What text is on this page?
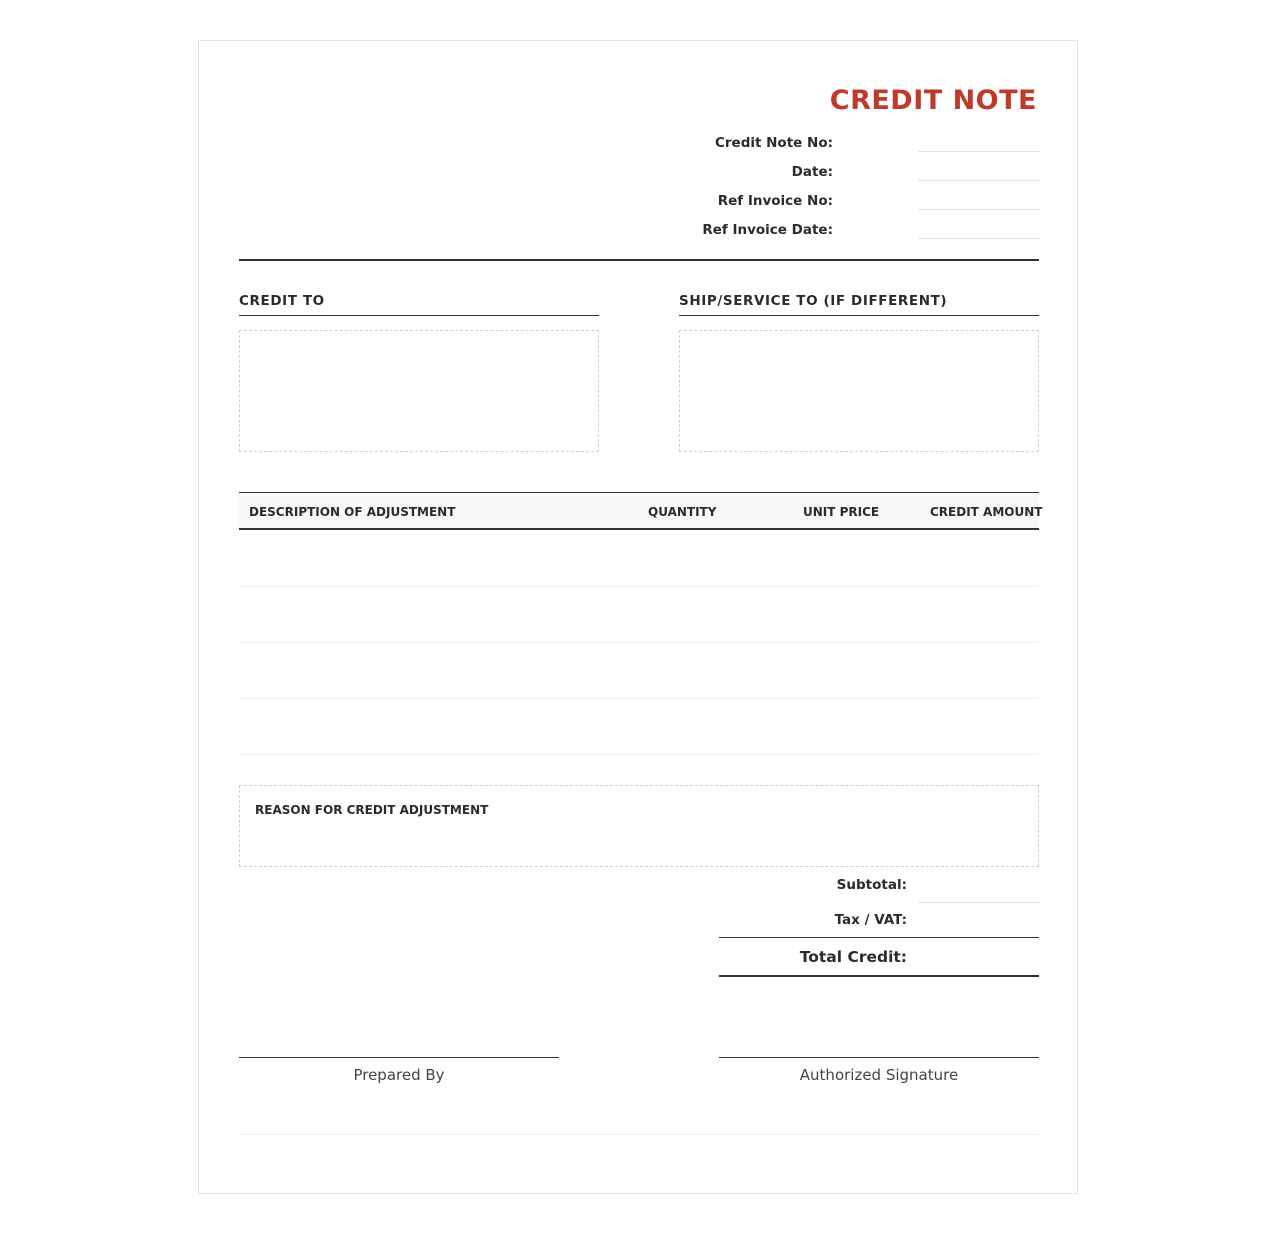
CREDIT NOTE
Credit Note No:
Date:
Ref Invoice No:
Ref Invoice Date:
CREDIT TO	SHIP/SERVICE TO (IF DIFFERENT)
DESCRIPTION OF ADJUSTMENT	QUANTITY	UNIT PRICE	CREDIT AMOUNT
REASON FOR CREDIT ADJUSTMENT
Subtotal:
Tax / VAT:
Total Credit:
Prepared By	Authorized Signature
